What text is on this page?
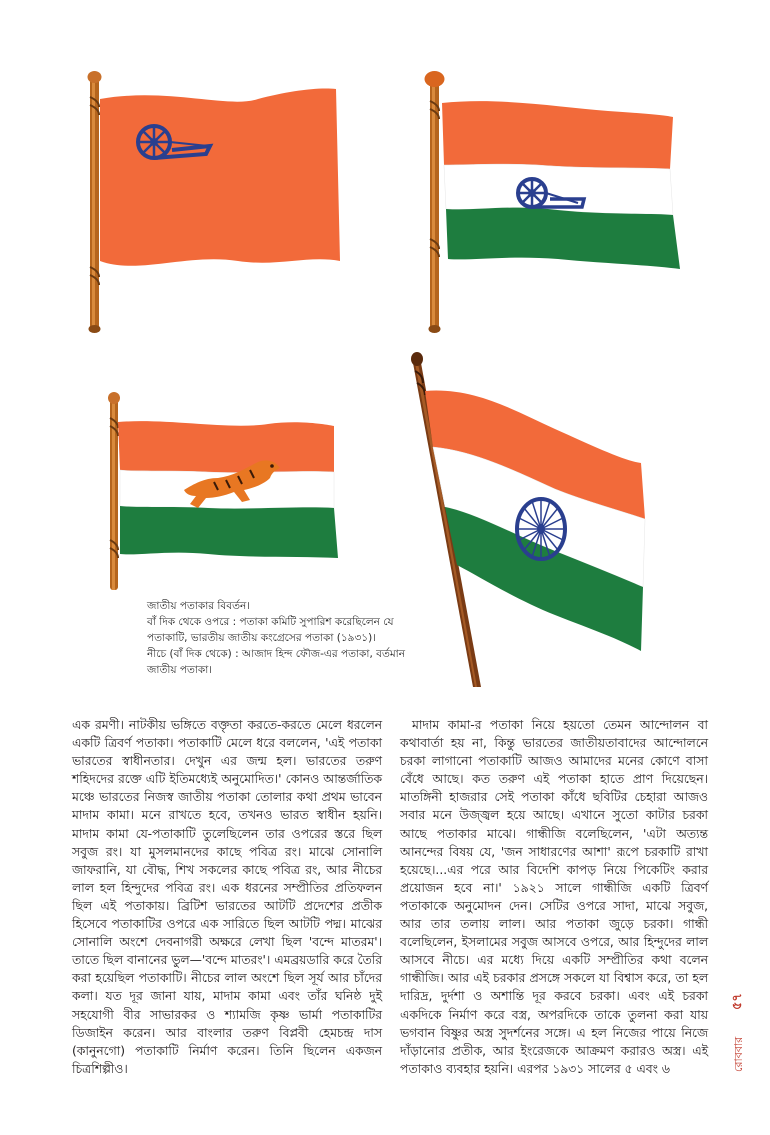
জাতীয় পতাকার বিবর্তন।
বাঁ দিক থেকে ওপরে : পতাকা কমিটি সুপারিশ করেছিলেন যে
পতাকাটি, ভারতীয় জাতীয় কংগ্রেসের পতাকা (১৯৩১)।
নীচে (বাঁ দিক থেকে) : আজাদ হিন্দ ফৌজ-এর পতাকা, বর্তমান
জাতীয় পতাকা।
এক রমণী। নাটকীয় ভঙ্গিতে বক্তৃতা করতে-করতে মেলে ধরলেন একটি ত্রিবর্ণ পতাকা। পতাকাটি মেলে ধরে বললেন, 'এই পতাকা ভারতের স্বাধীনতার। দেখুন এর জন্ম হল। ভারতের তরুণ শহিদদের রক্তে এটি ইতিমধ্যেই অনুমোদিত।' কোনও আন্তর্জাতিক মঞ্চে ভারতের নিজস্ব জাতীয় পতাকা তোলার কথা প্রথম ভাবেন মাদাম কামা। মনে রাখতে হবে, তখনও ভারত স্বাধীন হয়নি। মাদাম কামা যে-পতাকাটি তুলেছিলেন তার ওপরের স্তরে ছিল সবুজ রং। যা মুসলমানদের কাছে পবিত্র রং। মাঝে সোনালি জাফরানি, যা বৌদ্ধ, শিখ সকলের কাছে পবিত্র রং, আর নীচের লাল হল হিন্দুদের পবিত্র রং। এক ধরনের সম্প্রীতির প্রতিফলন ছিল এই পতাকায়। ব্রিটিশ ভারতের আটটি প্রদেশের প্রতীক হিসেবে পতাকাটির ওপরে এক সারিতে ছিল আটটি পদ্ম। মাঝের সোনালি অংশে দেবনাগরী অক্ষরে লেখা ছিল 'বন্দে মাতরম'। তাতে ছিল বানানের ভুল—'বন্দে মাতরং'। এমব্রয়ডারি করে তৈরি করা হয়েছিল পতাকাটি। নীচের লাল অংশে ছিল সূর্য আর চাঁদের কলা। যত দূর জানা যায়, মাদাম কামা এবং তাঁর ঘনিষ্ঠ দুই সহযোগী বীর সাভারকর ও শ্যামজি কৃষ্ণ ভার্মা পতাকাটির ডিজাইন করেন। আর বাংলার তরুণ বিপ্লবী হেমচন্দ্র দাস (কানুনগো) পতাকাটি নির্মাণ করেন। তিনি ছিলেন একজন চিত্রশিল্পীও।
মাদাম কামা-র পতাকা নিয়ে হয়তো তেমন আন্দোলন বা কথাবার্তা হয় না, কিন্তু ভারতের জাতীয়তাবাদের আন্দোলনে চরকা লাগানো পতাকাটি আজও আমাদের মনের কোণে বাসা বেঁধে আছে। কত তরুণ এই পতাকা হাতে প্রাণ দিয়েছেন। মাতঙ্গিনী হাজরার সেই পতাকা কাঁধে ছবিটির চেহারা আজও সবার মনে উজ্জ্বল হয়ে আছে। এখানে সুতো কাটার চরকা আছে পতাকার মাঝে। গান্ধীজি বলেছিলেন, 'এটা অত্যন্ত আনন্দের বিষয় যে, 'জন সাধারণের আশা' রূপে চরকাটি রাখা হয়েছে।...এর পরে আর বিদেশি কাপড় নিয়ে পিকেটিং করার প্রয়োজন হবে না।' ১৯২১ সালে গান্ধীজি একটি ত্রিবর্ণ পতাকাকে অনুমোদন দেন। সেটির ওপরে সাদা, মাঝে সবুজ, আর তার তলায় লাল। আর পতাকা জুড়ে চরকা। গান্ধী বলেছিলেন, ইসলামের সবুজ আসবে ওপরে, আর হিন্দুদের লাল আসবে নীচে। এর মধ্যে দিয়ে একটি সম্প্রীতির কথা বলেন গান্ধীজি। আর এই চরকার প্রসঙ্গে সকলে যা বিশ্বাস করে, তা হল দারিদ্র, দুর্দশা ও অশান্তি দূর করবে চরকা। এবং এই চরকা একদিকে নির্মাণ করে বস্ত্র, অপরদিকে তাকে তুলনা করা যায় ভগবান বিষ্ণুর অস্ত্র সুদর্শনের সঙ্গে। এ হল নিজের পায়ে নিজে দাঁড়ানোর প্রতীক, আর ইংরেজকে আক্রমণ করারও অস্ত্র। এই পতাকাও ব্যবহার হয়নি। এরপর ১৯৩১ সালের ৫ এবং ৬
৫৭
রোববার
